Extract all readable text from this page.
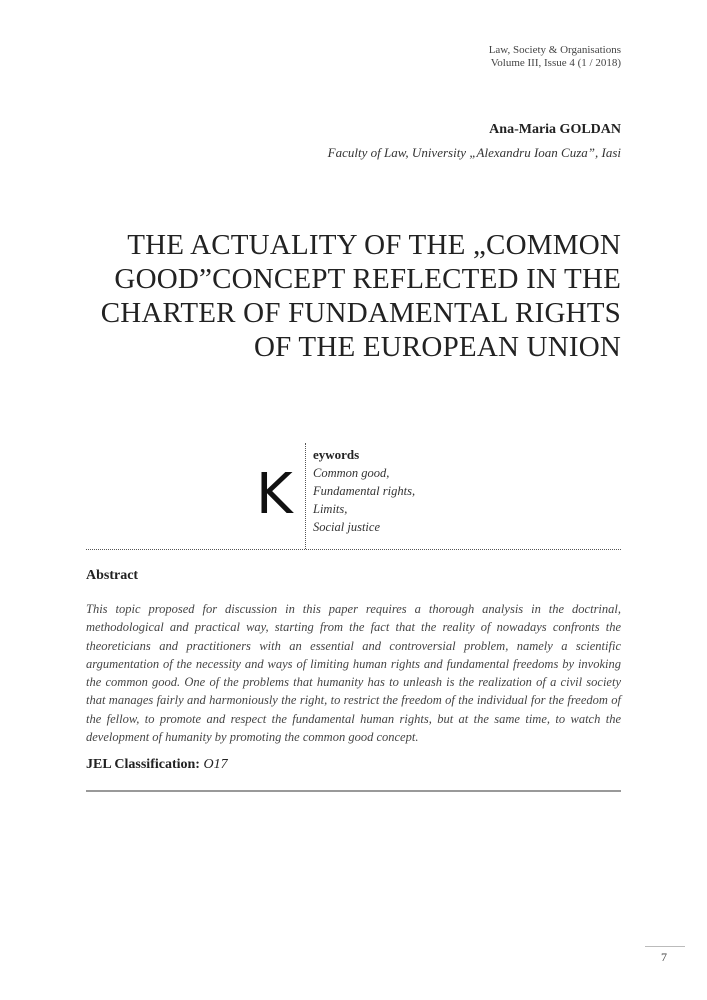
Law, Society & Organisations
Volume III, Issue 4 (1 / 2018)
Ana-Maria GOLDAN
Faculty of Law, University „Alexandru Ioan Cuza”, Iasi
THE ACTUALITY OF THE „COMMON
GOOD”CONCEPT REFLECTED IN THE
CHARTER OF FUNDAMENTAL RIGHTS
OF THE EUROPEAN UNION
K
eywords
Common good,
Fundamental rights,
Limits,
Social justice
Abstract
This topic proposed for discussion in this paper requires a thorough analysis in the doctrinal, methodological and practical way, starting from the fact that the reality of nowadays confronts the theoreticians and practitioners with an essential and controversial problem, namely a scientific argumentation of the necessity and ways of limiting human rights and fundamental freedoms by invoking the common good. One of the problems that humanity has to unleash is the realization of a civil society that manages fairly and harmoniously the right, to restrict the freedom of the individual for the freedom of the fellow, to promote and respect the fundamental human rights, but at the same time, to watch the development of humanity by promoting the common good concept.
JEL Classification: O17
7
